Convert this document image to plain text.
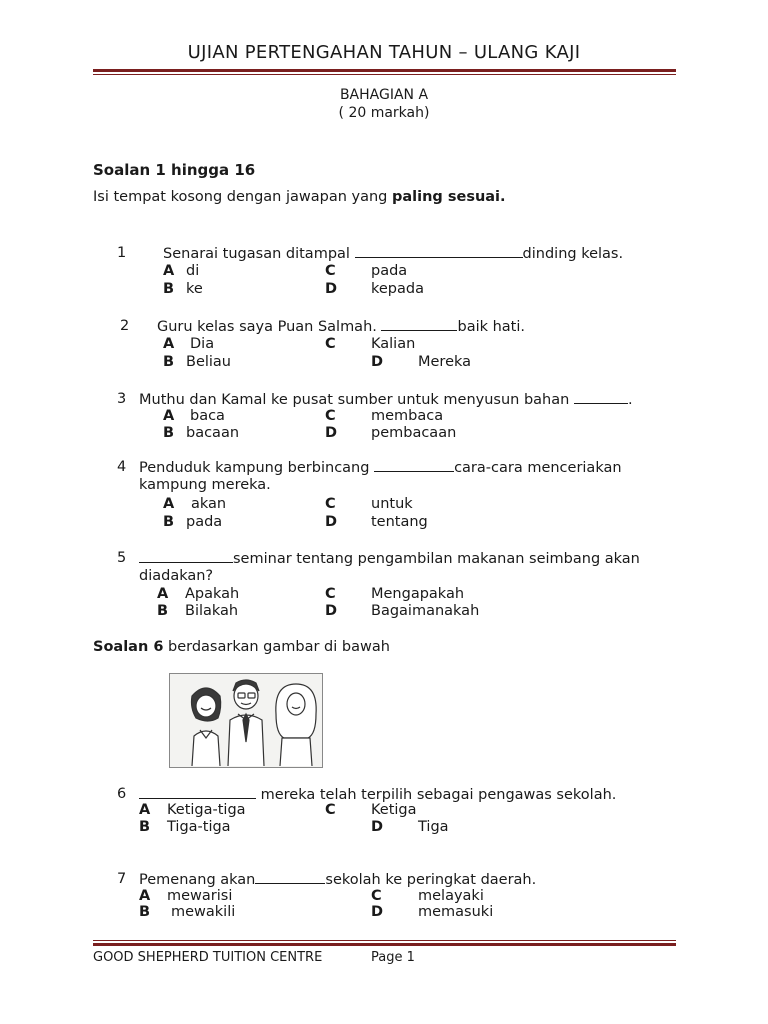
UJIAN PERTENGAHAN TAHUN – ULANG KAJI
BAHAGIAN A
( 20 markah)
Soalan 1 hingga 16
Isi tempat kosong dengan jawapan yang paling sesuai.
1	Senarai tugasan ditampal	dinding kelas.
A di	C pada
B ke	D kepada
2 Guru kelas saya Puan Salmah.	baik hati.
A Dia	C Kalian
B Beliau	D Mereka
3 Muthu dan Kamal ke pusat sumber untuk menyusun bahan	.
A baca	C membaca
B bacaan	D pembacaan
4 Penduduk kampung berbincang	cara-cara menceriakan
kampung mereka.
A akan	C untuk
B pada	D tentang
5	seminar tentang pengambilan makanan seimbang akan
diadakan?
A Apakah	C Mengapakah
B Bilakah	D Bagaimanakah
Soalan 6 berdasarkan gambar di bawah
6	mereka telah terpilih sebagai pengawas sekolah.
A Ketiga-tiga	C Ketiga
B Tiga-tiga	D Tiga
7 Pemenang akan	sekolah ke peringkat daerah.
A mewarisi	C	melayaki
B mewakili	D memasuki
GOOD SHEPHERD TUITION CENTRE	Page 1
